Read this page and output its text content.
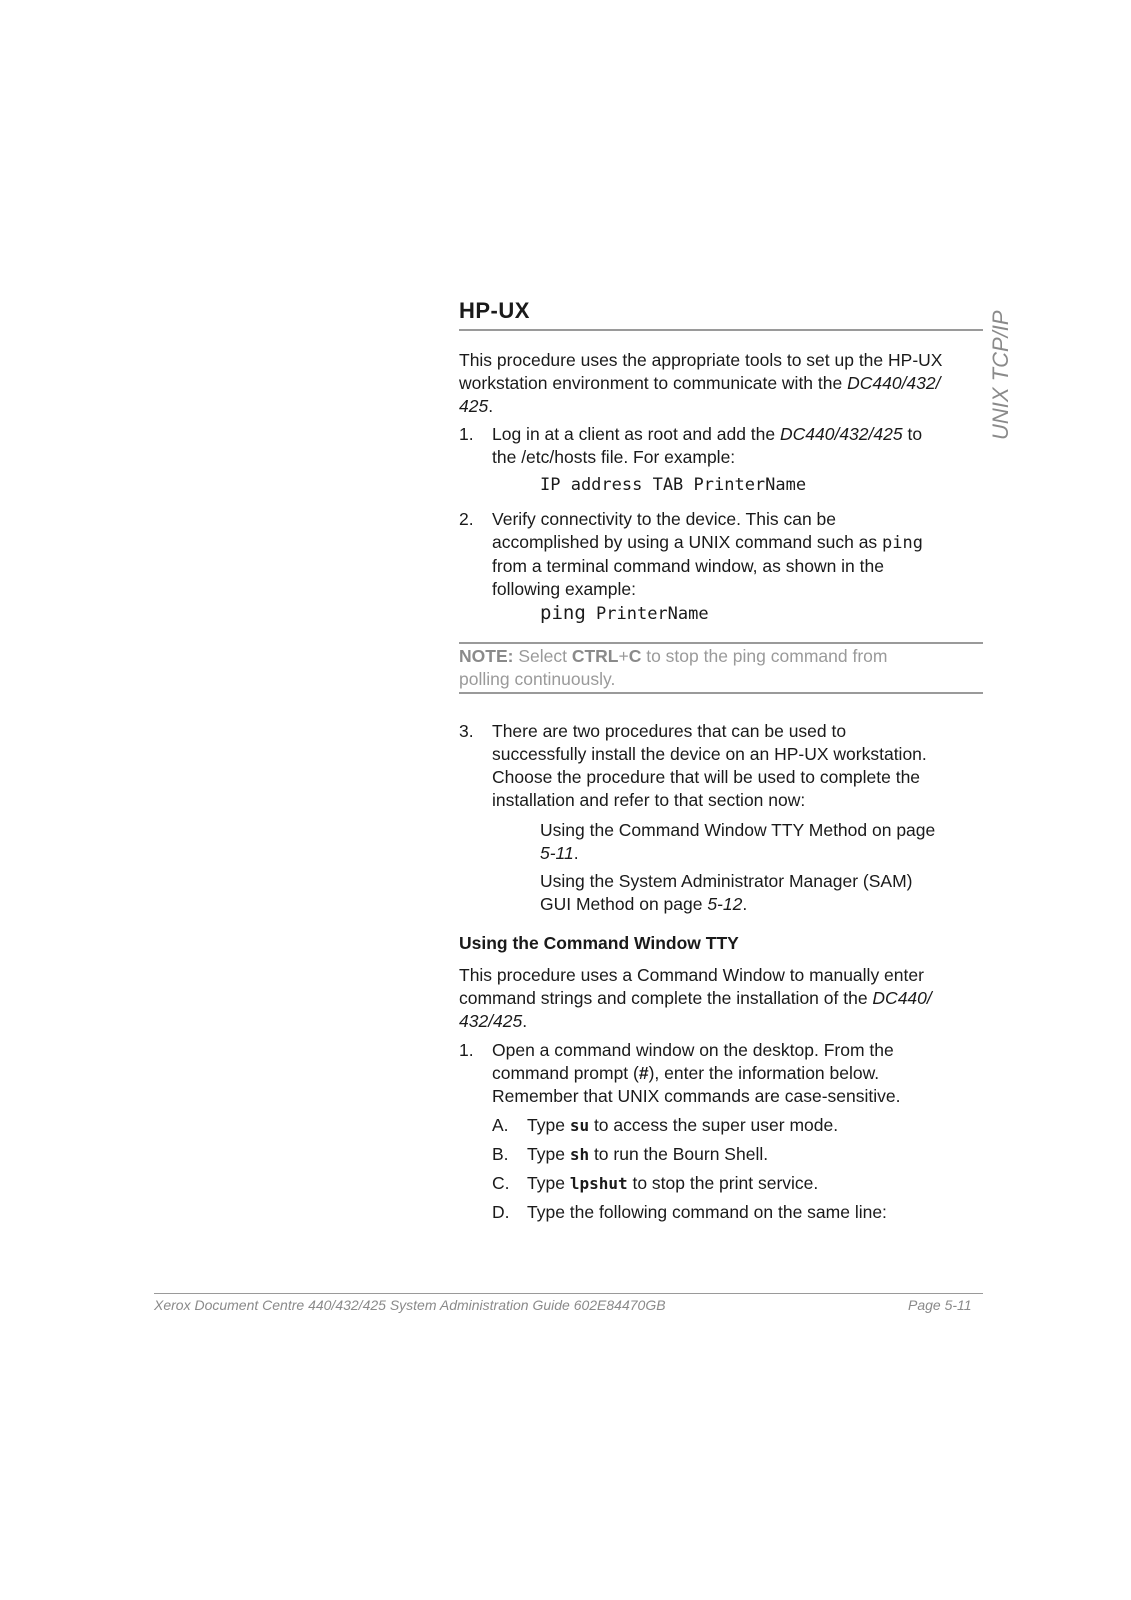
HP-UX	UNIX TCP/IP
This procedure uses the appropriate tools to set up the HP-UX
workstation environment to communicate with the DC440/432/
425.
1. Log in at a client as root and add the DC440/432/425 to
the /etc/hosts file. For example:
IP address TAB PrinterName
2. Verify connectivity to the device. This can be
accomplished by using a UNIX command such as ping
from a terminal command window, as shown in the
following example:
ping PrinterName
NOTE: Select CTRL+C to stop the ping command from
polling continuously.
3. There are two procedures that can be used to
successfully install the device on an HP-UX workstation.
Choose the procedure that will be used to complete the
installation and refer to that section now:
Using the Command Window TTY Method on page
5-11.
Using the System Administrator Manager (SAM)
GUI Method on page 5-12.
Using the Command Window TTY
This procedure uses a Command Window to manually enter
command strings and complete the installation of the DC440/
432/425.
1. Open a command window on the desktop. From the
command prompt (#), enter the information below.
Remember that UNIX commands are case-sensitive.
A. Type su to access the super user mode.
B. Type sh to run the Bourn Shell.
C. Type lpshut to stop the print service.
D. Type the following command on the same line:
Xerox Document Centre 440/432/425 System Administration Guide 602E84470GB	Page 5-11
